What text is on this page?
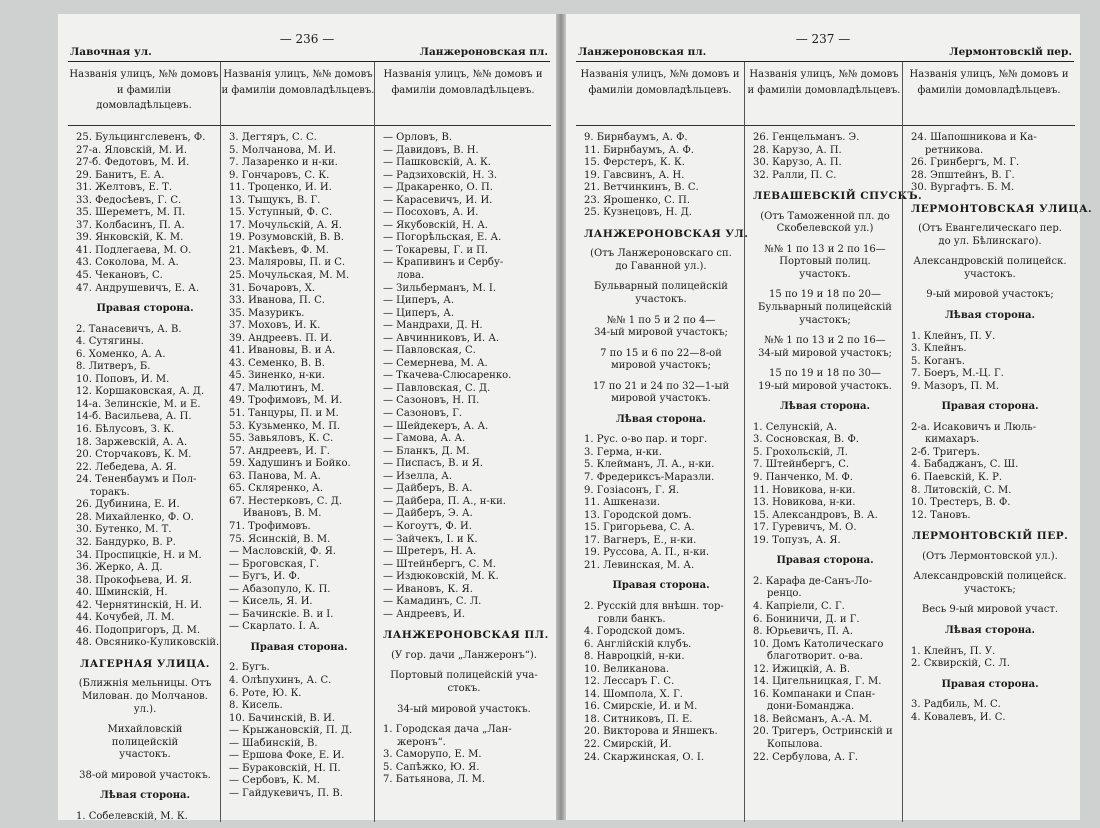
— 236 —
Лавочная ул.	Ланжероновская пл.
Названія улицъ, №№ домовъ и фамиліи домовладѣльцевъ.
25. Бульцингслевенъ, Ф.
27-а. Яловскій, М. И.
27-б. Федотовъ, М. И.
29. Банитъ, Е. А.
31. Желтовъ, Е. Т.
33. Федосѣевъ, Г. С.
35. Шереметъ, М. П.
37. Колбасинъ, П. А.
39. Янковскій, К. М.
41. Подлегаева, М. О.
43. Соколова, М. А.
45. Чекановъ, С.
47. Андрушевичъ, Е. А.
Правая сторона.
2. Танасевичъ, А. В.
4. Сутягины.
6. Хоменко, А. А.
8. Литверъ, Б.
10. Поповъ, И. М.
12. Коршаковская, А. Д.
14-а. Зелинскіе, М. и Е.
14-б. Васильева, А. П.
16. Бѣлусовъ, З. К.
18. Заржевскій, А. А.
20. Сторчаковъ, К. М.
22. Лебедева, А. Я.
24. Тененбаумъ и Пол-
торакъ.
26. Дубинина, Е. И.
28. Михайленко, Ф. О.
30. Бутенко, М. Т.
32. Бандурко, В. Р.
34. Проспицкіе, Н. и М.
36. Жерко, А. Д.
38. Прокофьева, И. Я.
40. Шминскій, Н.
42. Чернятинскій, Н. И.
44. Кочубей, Л. М.
46. Подопригоръ, Д. М.
48. Овсянико-Куликовскій.
ЛАГЕРНАЯ УЛИЦА.
(Ближнія мельницы. Отъ
Милован. до Молчанов. ул.).
Михайловскій полицейскій
участокъ.
38-ой мировой участокъ.
Лѣвая сторона.
1. Собелевскій, М. К.
Названія улицъ, №№ домовъ и фамиліи домовладѣльцевъ.
3. Дегтяръ, С. С.
5. Молчанова, М. И.
7. Лазаренко и н-ки.
9. Гончаровъ, С. К.
11. Троценко, И. И.
13. Тыщукъ, В. Г.
15. Уступный, Ф. С.
17. Мочульскій, А. Я.
19. Розумовскій, В. В.
21. Макѣевъ, Ф. М.
23. Маляровы, П. и С.
25. Мочульская, М. М.
31. Бочаровъ, Х.
33. Иванова, П. С.
35. Мазурикъ.
37. Моховъ, И. К.
39. Андреевъ. П. И.
41. Ивановы, В. и А.
43. Семенко, В. В.
45. Зиненко, н-ки.
47. Малютинъ, М.
49. Трофимовъ, М. И.
51. Танцуры, П. и М.
53. Кузьменко, М. П.
55. Завьяловъ, К. С.
57. Андреевъ, И. Г.
59. Хадушинъ и Бойко.
63. Панова, М. А.
65. Скляренко, А.
67. Нестерковъ, С. Д.
Ивановъ, В. М.
71. Трофимовъ.
75. Ясинскій, В. М.
— Масловскій, Ф. Я.
— Броговская, Г.
— Бугъ, И. Ф.
— Абазопуло, К. П.
— Кисель, Я. И.
— Бачинскіе. В. и І.
— Скарлато. І. А.
Правая сторона.
2. Бугъ.
4. Олѣпухинъ, А. С.
6. Роте, Ю. К.
8. Кисель.
10. Бачинскій, В. И.
— Крыжановскій, П. Д.
— Шабинскій, В.
— Ершова Фоке, Е. И.
— Бураковскій, Н. П.
— Сербовъ, К. М.
— Гайдукевичъ, П. В.
Названія улицъ, №№ домовъ и фамиліи домовладѣльцевъ.
— Орловъ, В.
— Давидовъ, В. Н.
— Пашковскій, А. К.
— Радзиховскій, Н. З.
— Дракаренко, О. П.
— Карасевичъ, И. И.
— Посоховъ, А. И.
— Якубовскій, Н. А.
— Погорѣльская, Е. А.
— Токаревы, Г. и П.
— Крапивинъ и Сербу-
лова.
— Зильберманъ, М. І.
— Циперъ, А.
— Циперъ, А.
— Мандрахи, Д. Н.
— Авчинниковъ, И. А.
— Павловская, С.
— Семернева, М. А.
— Ткачева-Слюсаренко.
— Павловская, С. Д.
— Сазоновъ, Н. П.
— Сазоновъ, Г.
— Шейдекеръ, А. А.
— Гамова, А. А.
— Бланкъ, Д. М.
— Писпасъ, В. и Я.
— Изелла, А.
— Дайберъ, В. А.
— Дайбера, П. А., н-ки.
— Дайберъ, Э. А.
— Когоутъ, Ф. И.
— Зайчекъ, І. и К.
— Шретеръ, Н. А.
— Штейнбергъ, С. М.
— Издюковскій, М. К.
— Ивановъ, К. Я.
— Камадинъ, С. Л.
— Андреевъ, И.
ЛАНЖЕРОНОВСКАЯ ПЛ.
(У гор. дачи „Ланжеронъ“).
Портовый полицейскій уча-
стокъ.
34-ый мировой участокъ.
1. Городская дача „Лан-
жеронъ“.
3. Саморупо, Е. М.
5. Сапѣжко, Ю. Я.
7. Батьянова, Л. М.
— 237 —
Ланжероновская пл.	Лермонтовскій пер.
Названія улицъ, №№ домовъ и фамиліи домовладѣльцевъ.
9. Бирнбаумъ, А. Ф.
11. Бирнбаумъ, А. Ф.
15. Ферстеръ, К. К.
19. Гавсвинъ, А. Н.
21. Ветчинкинъ, В. С.
23. Ярошенко, С. П.
25. Кузнецовъ, Н. Д.
ЛАНЖЕРОНОВСКАЯ УЛ.
(Отъ Ланжероновскаго сп.
до Гаванной ул.).
Бульварный полицейскій
участокъ.
№№ 1 по 5 и 2 по 4—
34-ый мировой участокъ;
7 по 15 и 6 по 22—8-ой
мировой участокъ;
17 по 21 и 24 по 32—1-ый
мировой участокъ.
Лѣвая сторона.
1. Рус. о-во пар. и торг.
3. Герма, н-ки.
5. Клейманъ, Л. А., н-ки.
7. Фредерикcъ-Маразли.
9. Гозіасонъ, Г. Я.
11. Ашкенази.
13. Городской домъ.
15. Григорьева, С. А.
17. Вагнеръ, Е., н-ки.
19. Руссова, А. П., н-ки.
21. Левинская, М. А.
Правая сторона.
2. Русскій для внѣшн. тор-
говли банкъ.
4. Городской домъ.
6. Англійскій клубъ.
8. Навроцкій, н-ки.
10. Великанова.
12. Лессаръ Г. С.
14. Шомпола, Х. Г.
16. Смирскіе, И. и М.
18. Ситниковъ, П. Е.
20. Викторова и Яншекъ.
22. Смирскій, И.
24. Скаржинская, О. І.
Названія улицъ, №№ домовъ и фамиліи домовладѣльцевъ.
26. Генцельманъ. Э.
28. Карузо, А. П.
30. Карузо, А. П.
32. Ралли, П. С.
ЛЕВАШЕВСКІЙ СПУСКЪ.
(Отъ Таможенной пл. до
Скобелевской ул.)
№№ 1 по 13 и 2 по 16—
Портовый полиц. участокъ.
15 по 19 и 18 по 20—
Бульварный полицейскій
участокъ;
№№ 1 по 13 и 2 по 16—
34-ый мировой участокъ;
15 по 19 и 18 по 30—
19-ый мировой участокъ.
Лѣвая сторона.
1. Селунскій, А.
3. Сосновская, В. Ф.
5. Грохольскій, Л.
7. Штейнбергъ, С.
9. Панченко, М. Ф.
11. Новикова, н-ки.
13. Новикова, н-ки.
15. Александровъ, В. А.
17. Гуревичъ, М. О.
19. Топузъ, А. Я.
Правая сторона.
2. Карафа де-Санъ-Ло-
ренцо.
4. Капріели, С. Г.
6. Бониничи, Д. и Г.
8. Юрьевичъ, П. А.
10. Домъ Католическаго
благотворит. о-ва.
12. Ижицкій, А. В.
14. Цигельницкая, Г. М.
16. Компанаки и Спан-
дони-Боманджа.
18. Вейсманъ, А.-А. М.
20. Тригеръ, Остринскій и
Копылова.
22. Сербулова, А. Г.
Названія улицъ, №№ домовъ и фамиліи домовладѣльцевъ.
24. Шапошникова и Ка-
ретникова.
26. Гринбергъ, М. Г.
28. Эпштейнъ, В. Г.
30. Вургафтъ. Б. М.
ЛЕРМОНТОВСКАЯ УЛИЦА.
(Отъ Евангелическаго пер.
до ул. Бѣлинскаго).
Александровскій полицейск.
участокъ.
9-ый мировой участокъ;
Лѣвая сторона.
1. Клейнъ, П. У.
3. Клейнъ.
5. Коганъ.
7. Боеръ, М.-Ц. Г.
9. Мазоръ, П. М.
Правая сторона.
2-а. Исаковичъ и Люль-
кимахаръ.
2-б. Тригеръ.
4. Бабаджанъ, С. Ш.
6. Паевскій, К. Р.
8. Литовскій, С. М.
10. Трестеръ, В. Ф.
12. Тановъ.
ЛЕРМОНТОВСКІЙ ПЕР.
(Отъ Лермонтовской ул.).
Александровскій полицейск.
участокъ;
Весь 9-ый мировой участ.
Лѣвая сторона.
1. Клейнъ, П. У.
2. Сквирскій, С. Л.
Правая сторона.
3. Радбиль, М. С.
4. Ковалевъ, И. С.
